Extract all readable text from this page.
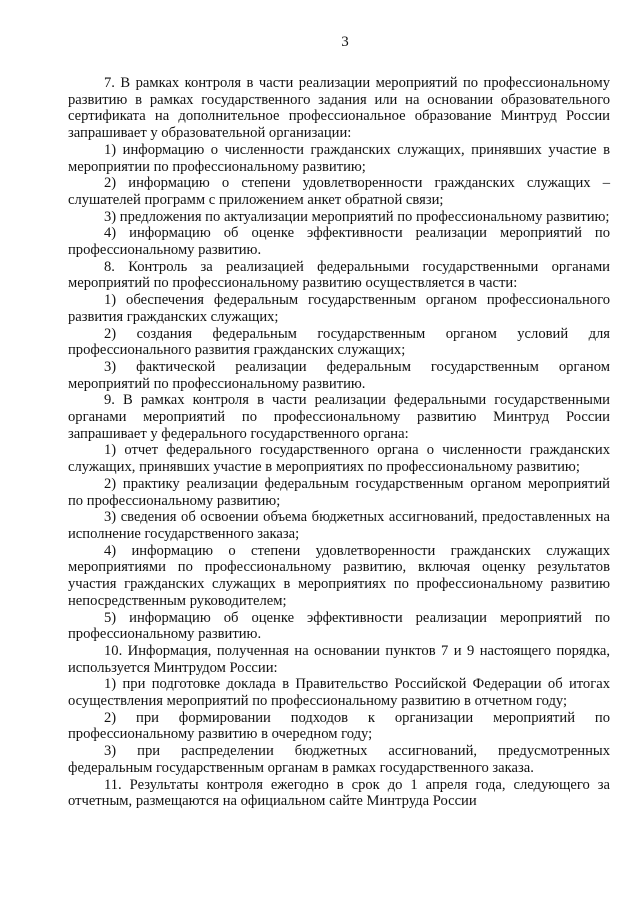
3

7. В рамках контроля в части реализации мероприятий по профессиональному развитию в рамках государственного задания или на основании образовательного сертификата на дополнительное профессиональное образование Минтруд России запрашивает у образовательной организации:

1) информацию о численности гражданских служащих, принявших участие в мероприятии по профессиональному развитию;

2) информацию о степени удовлетворенности гражданских служащих – слушателей программ с приложением анкет обратной связи;

3) предложения по актуализации мероприятий по профессиональному развитию;

4) информацию об оценке эффективности реализации мероприятий по профессиональному развитию.

8. Контроль за реализацией федеральными государственными органами мероприятий по профессиональному развитию осуществляется в части:

1) обеспечения федеральным государственным органом профессионального развития гражданских служащих;

2) создания федеральным государственным органом условий для профессионального развития гражданских служащих;

3) фактической реализации федеральным государственным органом мероприятий по профессиональному развитию.

9. В рамках контроля в части реализации федеральными государственными органами мероприятий по профессиональному развитию Минтруд России запрашивает у федерального государственного органа:

1) отчет федерального государственного органа о численности гражданских служащих, принявших участие в мероприятиях по профессиональному развитию;

2) практику реализации федеральным государственным органом мероприятий по профессиональному развитию;

3) сведения об освоении объема бюджетных ассигнований, предоставленных на исполнение государственного заказа;

4) информацию о степени удовлетворенности гражданских служащих мероприятиями по профессиональному развитию, включая оценку результатов участия гражданских служащих в мероприятиях по профессиональному развитию непосредственным руководителем;

5) информацию об оценке эффективности реализации мероприятий по профессиональному развитию.

10. Информация, полученная на основании пунктов 7 и 9 настоящего порядка, используется Минтрудом России:

1) при подготовке доклада в Правительство Российской Федерации об итогах осуществления мероприятий по профессиональному развитию в отчетном году;

2) при формировании подходов к организации мероприятий по профессиональному развитию в очередном году;

3) при распределении бюджетных ассигнований, предусмотренных федеральным государственным органам в рамках государственного заказа.

11. Результаты контроля ежегодно в срок до 1 апреля года, следующего за отчетным, размещаются на официальном сайте Минтруда России
